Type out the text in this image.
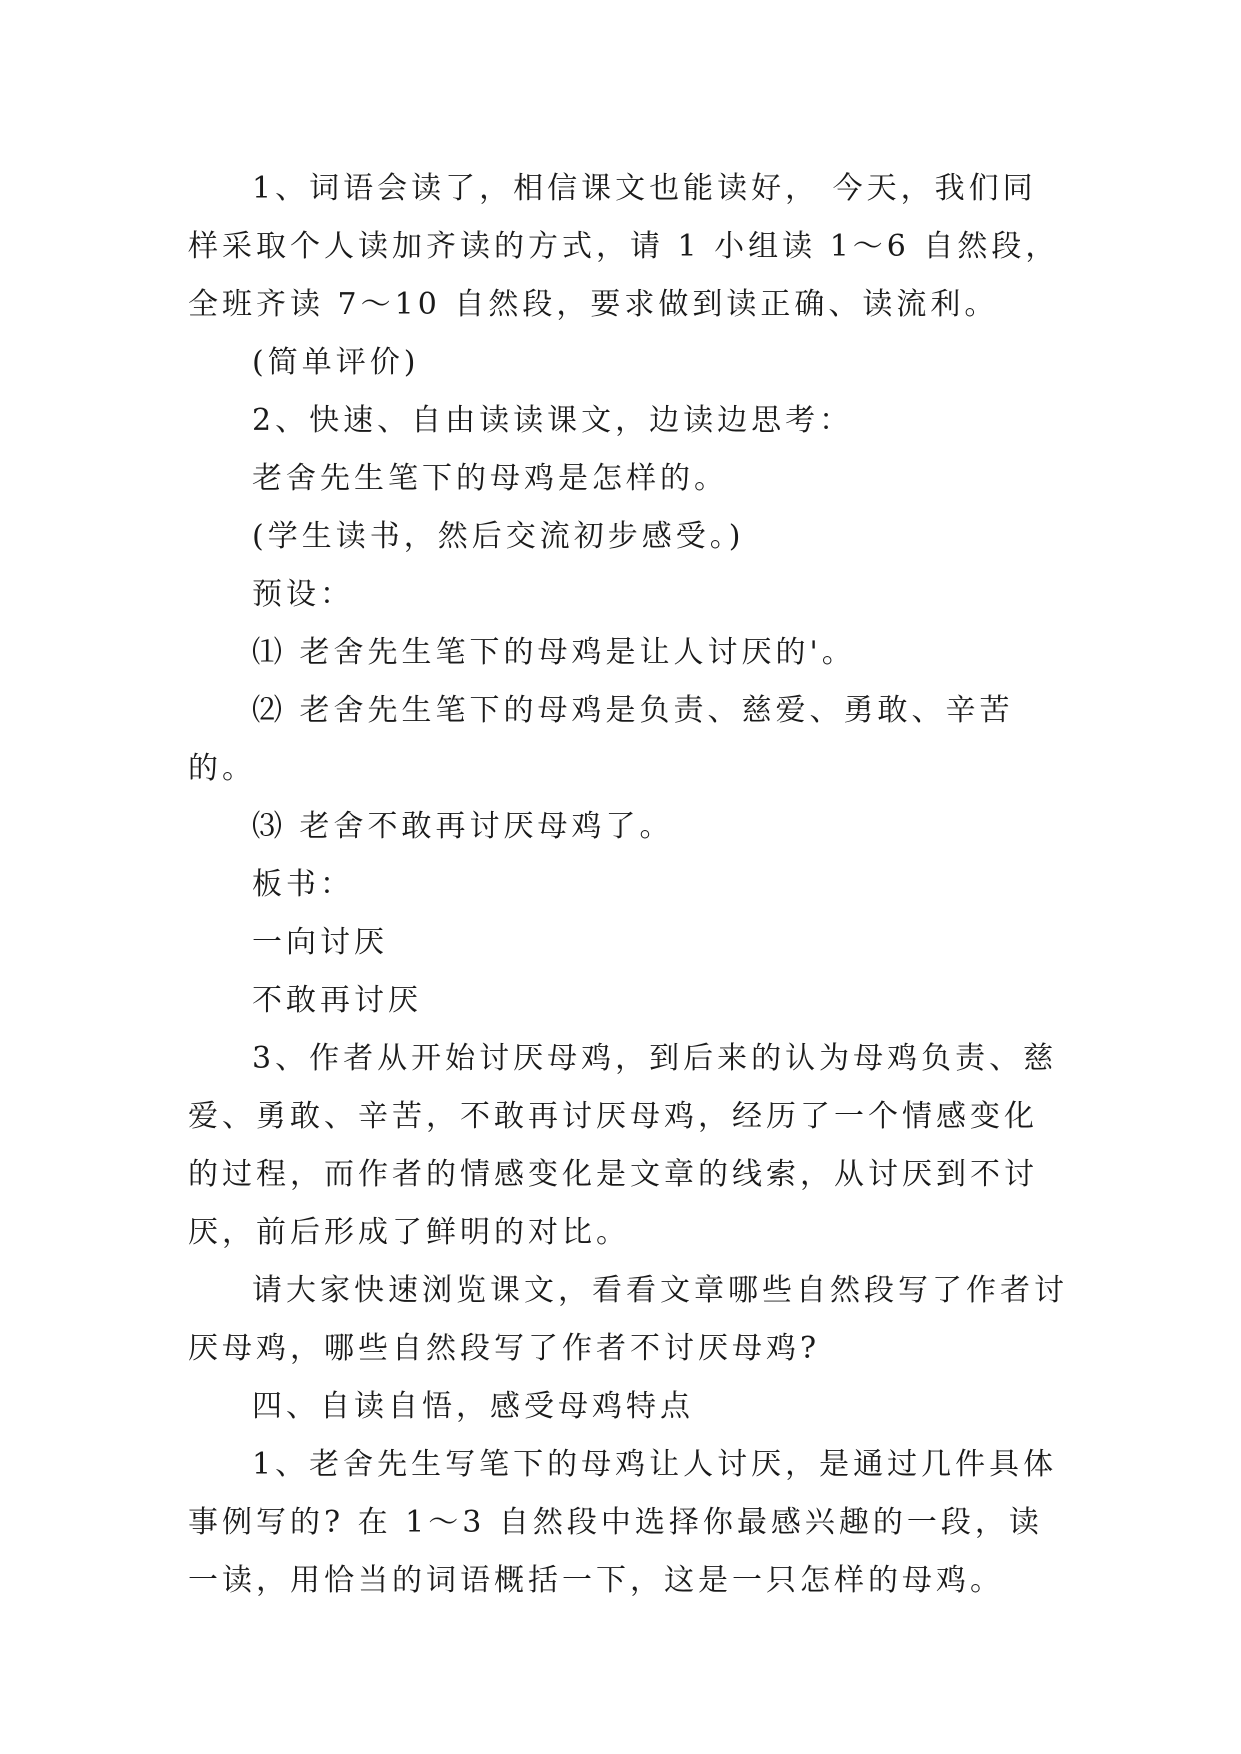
1、词语会读了，相信课文也能读好， 今天，我们同样采取个人读加齐读的方式，请 1 小组读 1～6 自然段，全班齐读 7～10 自然段，要求做到读正确、读流利。

(简单评价)

2、快速、自由读读课文，边读边思考：

老舍先生笔下的母鸡是怎样的。

(学生读书，然后交流初步感受。)

预设：

⑴ 老舍先生笔下的母鸡是让人讨厌的'。

⑵ 老舍先生笔下的母鸡是负责、慈爱、勇敢、辛苦的。

⑶ 老舍不敢再讨厌母鸡了。

板书：

一向讨厌

不敢再讨厌

3、作者从开始讨厌母鸡，到后来的认为母鸡负责、慈爱、勇敢、辛苦，不敢再讨厌母鸡，经历了一个情感变化的过程，而作者的情感变化是文章的线索，从讨厌到不讨厌，前后形成了鲜明的对比。

请大家快速浏览课文，看看文章哪些自然段写了作者讨厌母鸡，哪些自然段写了作者不讨厌母鸡?

四、自读自悟，感受母鸡特点

1、老舍先生写笔下的母鸡让人讨厌，是通过几件具体事例写的? 在 1～3 自然段中选择你最感兴趣的一段，读一读，用恰当的词语概括一下，这是一只怎样的母鸡。
